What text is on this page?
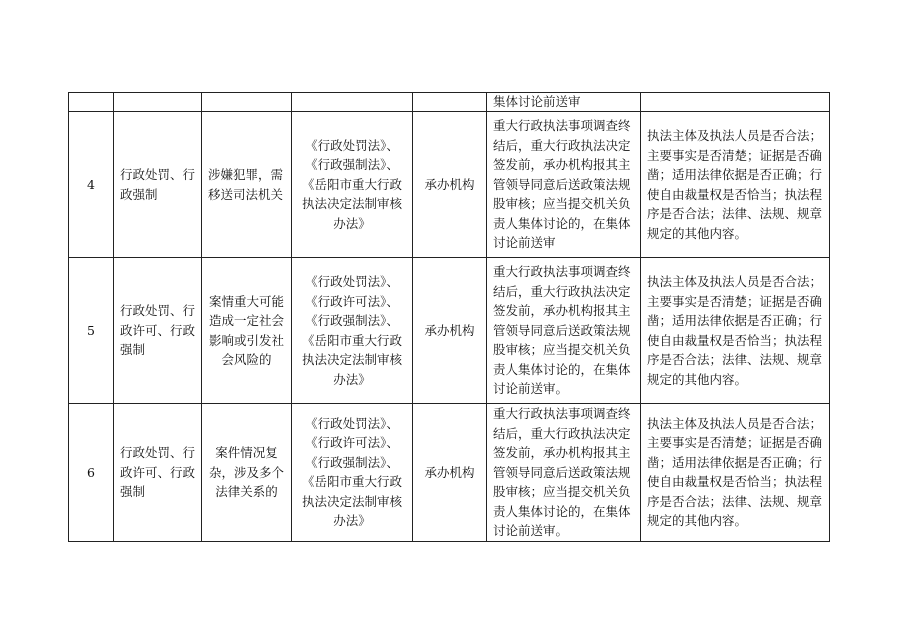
					集体讨论前送审	

4	行政处罚、行政强制	涉嫌犯罪，需移送司法机关	《行政处罚法》、《行政强制法》、《岳阳市重大行政执法决定法制审核办法》	承办机构	重大行政执法事项调查终结后，重大行政执法决定签发前，承办机构报其主管领导同意后送政策法规股审核；应当提交机关负责人集体讨论的，在集体讨论前送审	执法主体及执法人员是否合法；主要事实是否清楚；证据是否确凿；适用法律依据是否正确；行使自由裁量权是否恰当；执法程序是否合法；法律、法规、规章规定的其他内容。
5	行政处罚、行政许可、行政强制	案情重大可能造成一定社会影响或引发社会风险的	《行政处罚法》、《行政许可法》、《行政强制法》、《岳阳市重大行政执法决定法制审核办法》	承办机构	重大行政执法事项调查终结后，重大行政执法决定签发前，承办机构报其主管领导同意后送政策法规股审核；应当提交机关负责人集体讨论的，在集体讨论前送审。	执法主体及执法人员是否合法；主要事实是否清楚；证据是否确凿；适用法律依据是否正确；行使自由裁量权是否恰当；执法程序是否合法；法律、法规、规章规定的其他内容。
6	行政处罚、行政许可、行政强制	案件情况复杂，涉及多个法律关系的	《行政处罚法》、《行政许可法》、《行政强制法》、《岳阳市重大行政执法决定法制审核办法》	承办机构	重大行政执法事项调查终结后，重大行政执法决定签发前，承办机构报其主管领导同意后送政策法规股审核；应当提交机关负责人集体讨论的，在集体讨论前送审。	执法主体及执法人员是否合法；主要事实是否清楚；证据是否确凿；适用法律依据是否正确；行使自由裁量权是否恰当；执法程序是否合法；法律、法规、规章规定的其他内容。
